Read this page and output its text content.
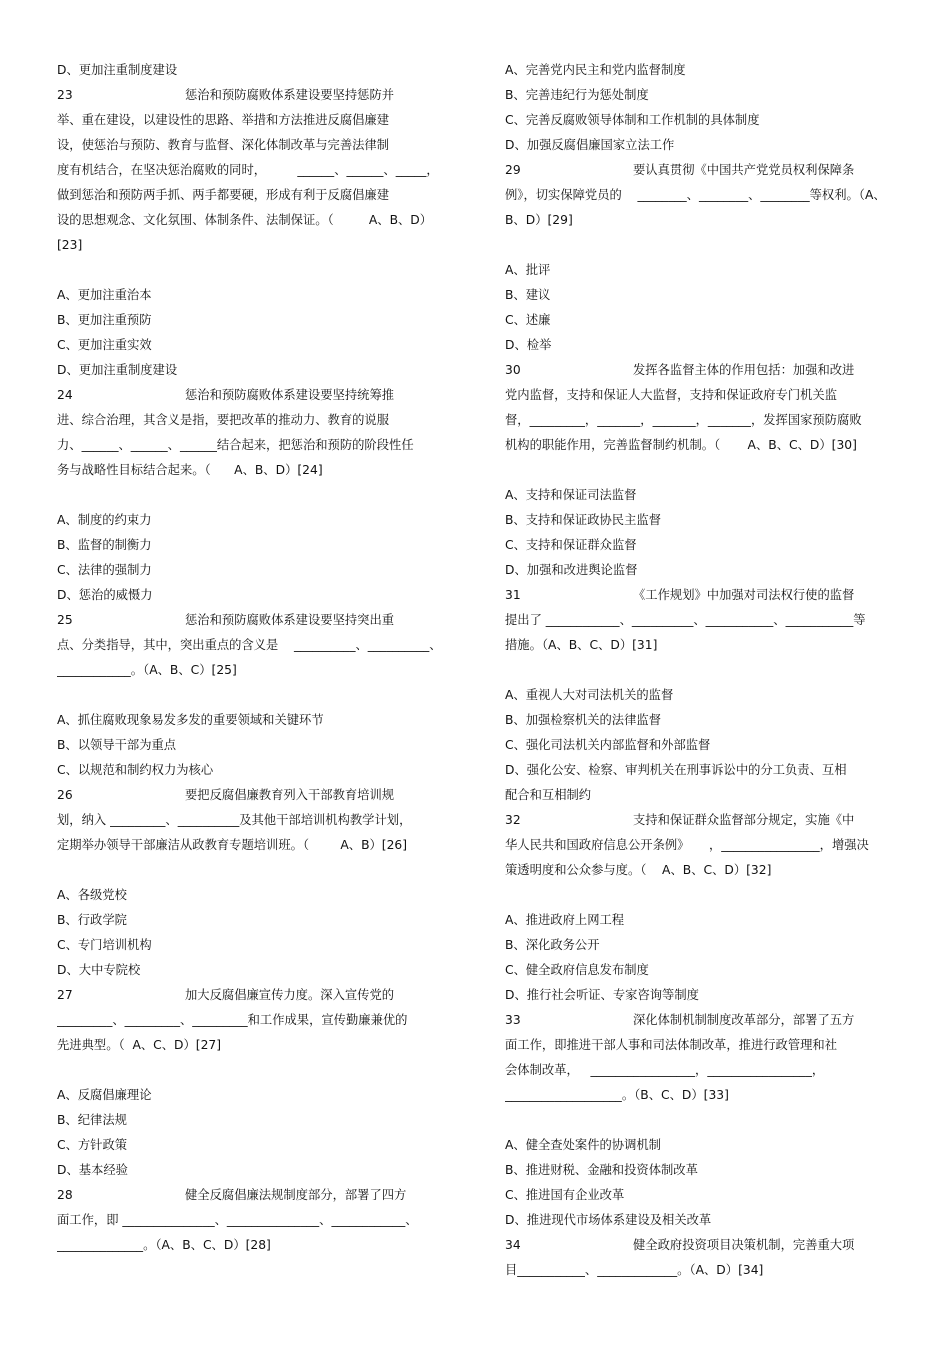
D、更加注重制度建设
23	惩治和预防腐败体系建设要坚持惩防并
举、重在建设，以建设性的思路、举措和方法推进反腐倡廉建
设，使惩治与预防、教育与监督、深化体制改革与完善法律制
度有机结合，在坚决惩治腐败的同时，        ______、______、_____，
做到惩治和预防两手抓、两手都要硬，形成有利于反腐倡廉建
设的思想观念、文化氛围、体制条件、法制保证。（         A、B、D）
[23]
A、更加注重治本
B、更加注重预防
C、更加注重实效
D、更加注重制度建设
24	惩治和预防腐败体系建设要坚持统筹推
进、综合治理，其含义是指，要把改革的推动力、教育的说服
力、______、______、______结合起来，把惩治和预防的阶段性任
务与战略性目标结合起来。（      A、B、D）[24]
A、制度的约束力
B、监督的制衡力
C、法律的强制力
D、惩治的威慑力
25	惩治和预防腐败体系建设要坚持突出重
点、分类指导，其中，突出重点的含义是    __________、__________、
____________。（A、B、C）[25]
A、抓住腐败现象易发多发的重要领域和关键环节
B、以领导干部为重点
C、以规范和制约权力为核心
26	要把反腐倡廉教育列入干部教育培训规
划，纳入 _________、__________及其他干部培训机构教学计划，
定期举办领导干部廉洁从政教育专题培训班。（        A、B）[26]
A、各级党校
B、行政学院
C、专门培训机构
D、大中专院校
27	加大反腐倡廉宣传力度。深入宣传党的
_________、_________、_________和工作成果，宣传勤廉兼优的
先进典型。（  A、C、D）[27]
A、反腐倡廉理论
B、纪律法规
C、方针政策
D、基本经验
28	健全反腐倡廉法规制度部分，部署了四方
面工作，即 _______________、_______________、____________、
______________。（A、B、C、D）[28]
A、完善党内民主和党内监督制度
B、完善违纪行为惩处制度
C、完善反腐败领导体制和工作机制的具体制度
D、加强反腐倡廉国家立法工作
29	要认真贯彻《中国共产党党员权利保障条
例》，切实保障党员的    ________、________、________等权利。（A、
B、D）[29]
A、批评
B、建议
C、述廉
D、检举
30	发挥各监督主体的作用包括：加强和改进
党内监督，支持和保证人大监督，支持和保证政府专门机关监
督，_________，_______，_______，_______，发挥国家预防腐败
机构的职能作用，完善监督制约机制。（       A、B、C、D）[30]
A、支持和保证司法监督
B、支持和保证政协民主监督
C、支持和保证群众监督
D、加强和改进舆论监督
31	《工作规划》中加强对司法权行使的监督
提出了 ____________、__________、___________、___________等
措施。（A、B、C、D）[31]
A、重视人大对司法机关的监督
B、加强检察机关的法律监督
C、强化司法机关内部监督和外部监督
D、强化公安、检察、审判机关在刑事诉讼中的分工负责、互相
配合和互相制约
32	支持和保证群众监督部分规定，实施《中
华人民共和国政府信息公开条例》     ，________________，增强决
策透明度和公众参与度。（    A、B、C、D）[32]
A、推进政府上网工程
B、深化政务公开
C、健全政府信息发布制度
D、推行社会听证、专家咨询等制度
33	深化体制机制制度改革部分，部署了五方
面工作，即推进干部人事和司法体制改革，推进行政管理和社
会体制改革，   _________________，_________________，
___________________。（B、C、D）[33]
A、健全查处案件的协调机制
B、推进财税、金融和投资体制改革
C、推进国有企业改革
D、推进现代市场体系建设及相关改革
34	健全政府投资项目决策机制，完善重大项
目___________、_____________。（A、D）[34]
